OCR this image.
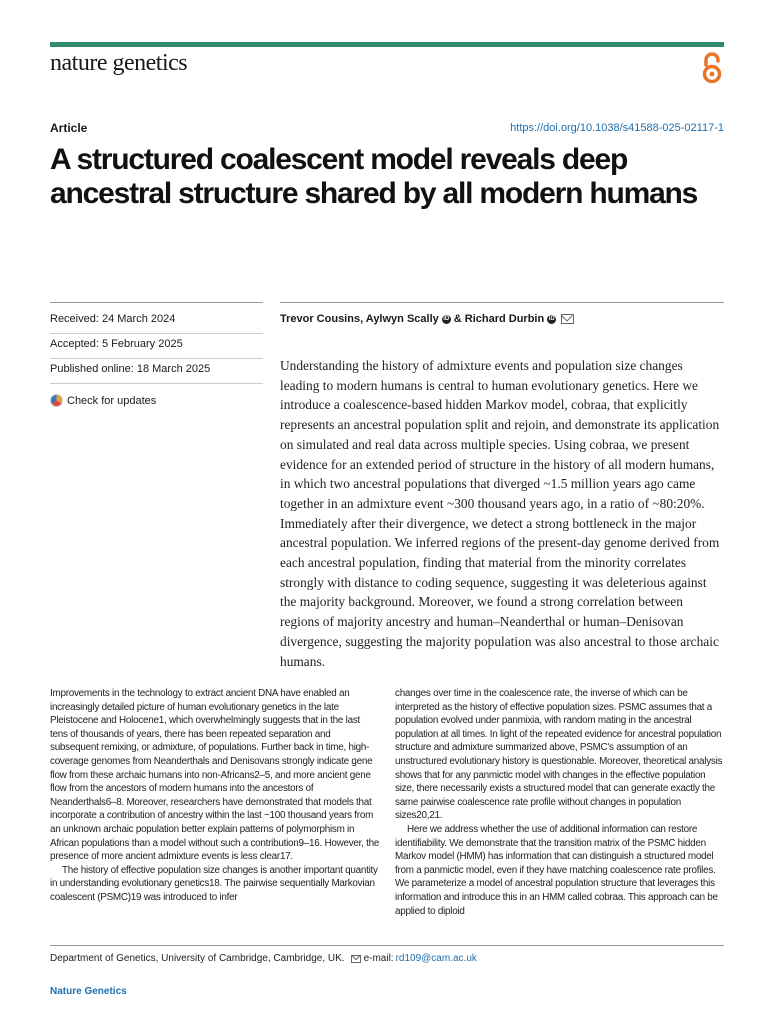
nature genetics
Article	https://doi.org/10.1038/s41588-025-02117-1
A structured coalescent model reveals deep ancestral structure shared by all modern humans
Received: 24 March 2024
Accepted: 5 February 2025
Published online: 18 March 2025
Check for updates
Trevor Cousins, Aylwyn Scally iD & Richard Durbin iD

Understanding the history of admixture events and population size changes leading to modern humans is central to human evolutionary genetics. Here we introduce a coalescence-based hidden Markov model, cobraa, that explicitly represents an ancestral population split and rejoin, and demonstrate its application on simulated and real data across multiple species. Using cobraa, we present evidence for an extended period of structure in the history of all modern humans, in which two ancestral populations that diverged ~1.5 million years ago came together in an admixture event ~300 thousand years ago, in a ratio of ~80:20%. Immediately after their divergence, we detect a strong bottleneck in the major ancestral population. We inferred regions of the present-day genome derived from each ancestral population, finding that material from the minority correlates strongly with distance to coding sequence, suggesting it was deleterious against the majority background. Moreover, we found a strong correlation between regions of majority ancestry and human–Neanderthal or human–Denisovan divergence, suggesting the majority population was also ancestral to those archaic humans.

Improvements in the technology to extract ancient DNA have enabled an increasingly detailed picture of human evolutionary genetics in the late Pleistocene and Holocene1, which overwhelmingly suggests that in the last tens of thousands of years, there has been repeated separation and subsequent remixing, or admixture, of populations. Further back in time, high-coverage genomes from Neanderthals and Denisovans strongly indicate gene flow from these archaic humans into non-Africans2–5, and more ancient gene flow from the ancestors of modern humans into the ancestors of Neanderthals6–8. Moreover, researchers have demonstrated that models that incorporate a contribution of ancestry within the last ~100 thousand years from an unknown archaic population better explain patterns of polymorphism in African populations than a model without such a contribution9–16. However, the presence of more ancient admixture events is less clear17.
The history of effective population size changes is another important quantity in understanding evolutionary genetics18. The pairwise sequentially Markovian coalescent (PSMC)19 was introduced to infer

changes over time in the coalescence rate, the inverse of which can be interpreted as the history of effective population sizes. PSMC assumes that a population evolved under panmixia, with random mating in the ancestral population at all times. In light of the repeated evidence for ancestral population structure and admixture summarized above, PSMC's assumption of an unstructured evolutionary history is questionable. Moreover, theoretical analysis shows that for any panmictic model with changes in the effective population size, there necessarily exists a structured model that can generate exactly the same pairwise coalescence rate profile without changes in population sizes20,21.
Here we address whether the use of additional information can restore identifiability. We demonstrate that the transition matrix of the PSMC hidden Markov model (HMM) has information that can distinguish a structured model from a panmictic model, even if they have matching coalescence rate profiles. We parameterize a model of ancestral population structure that leverages this information and introduce this in an HMM called cobraa. This approach can be applied to diploid

Department of Genetics, University of Cambridge, Cambridge, UK. e-mail: rd109@cam.ac.uk
Nature Genetics
